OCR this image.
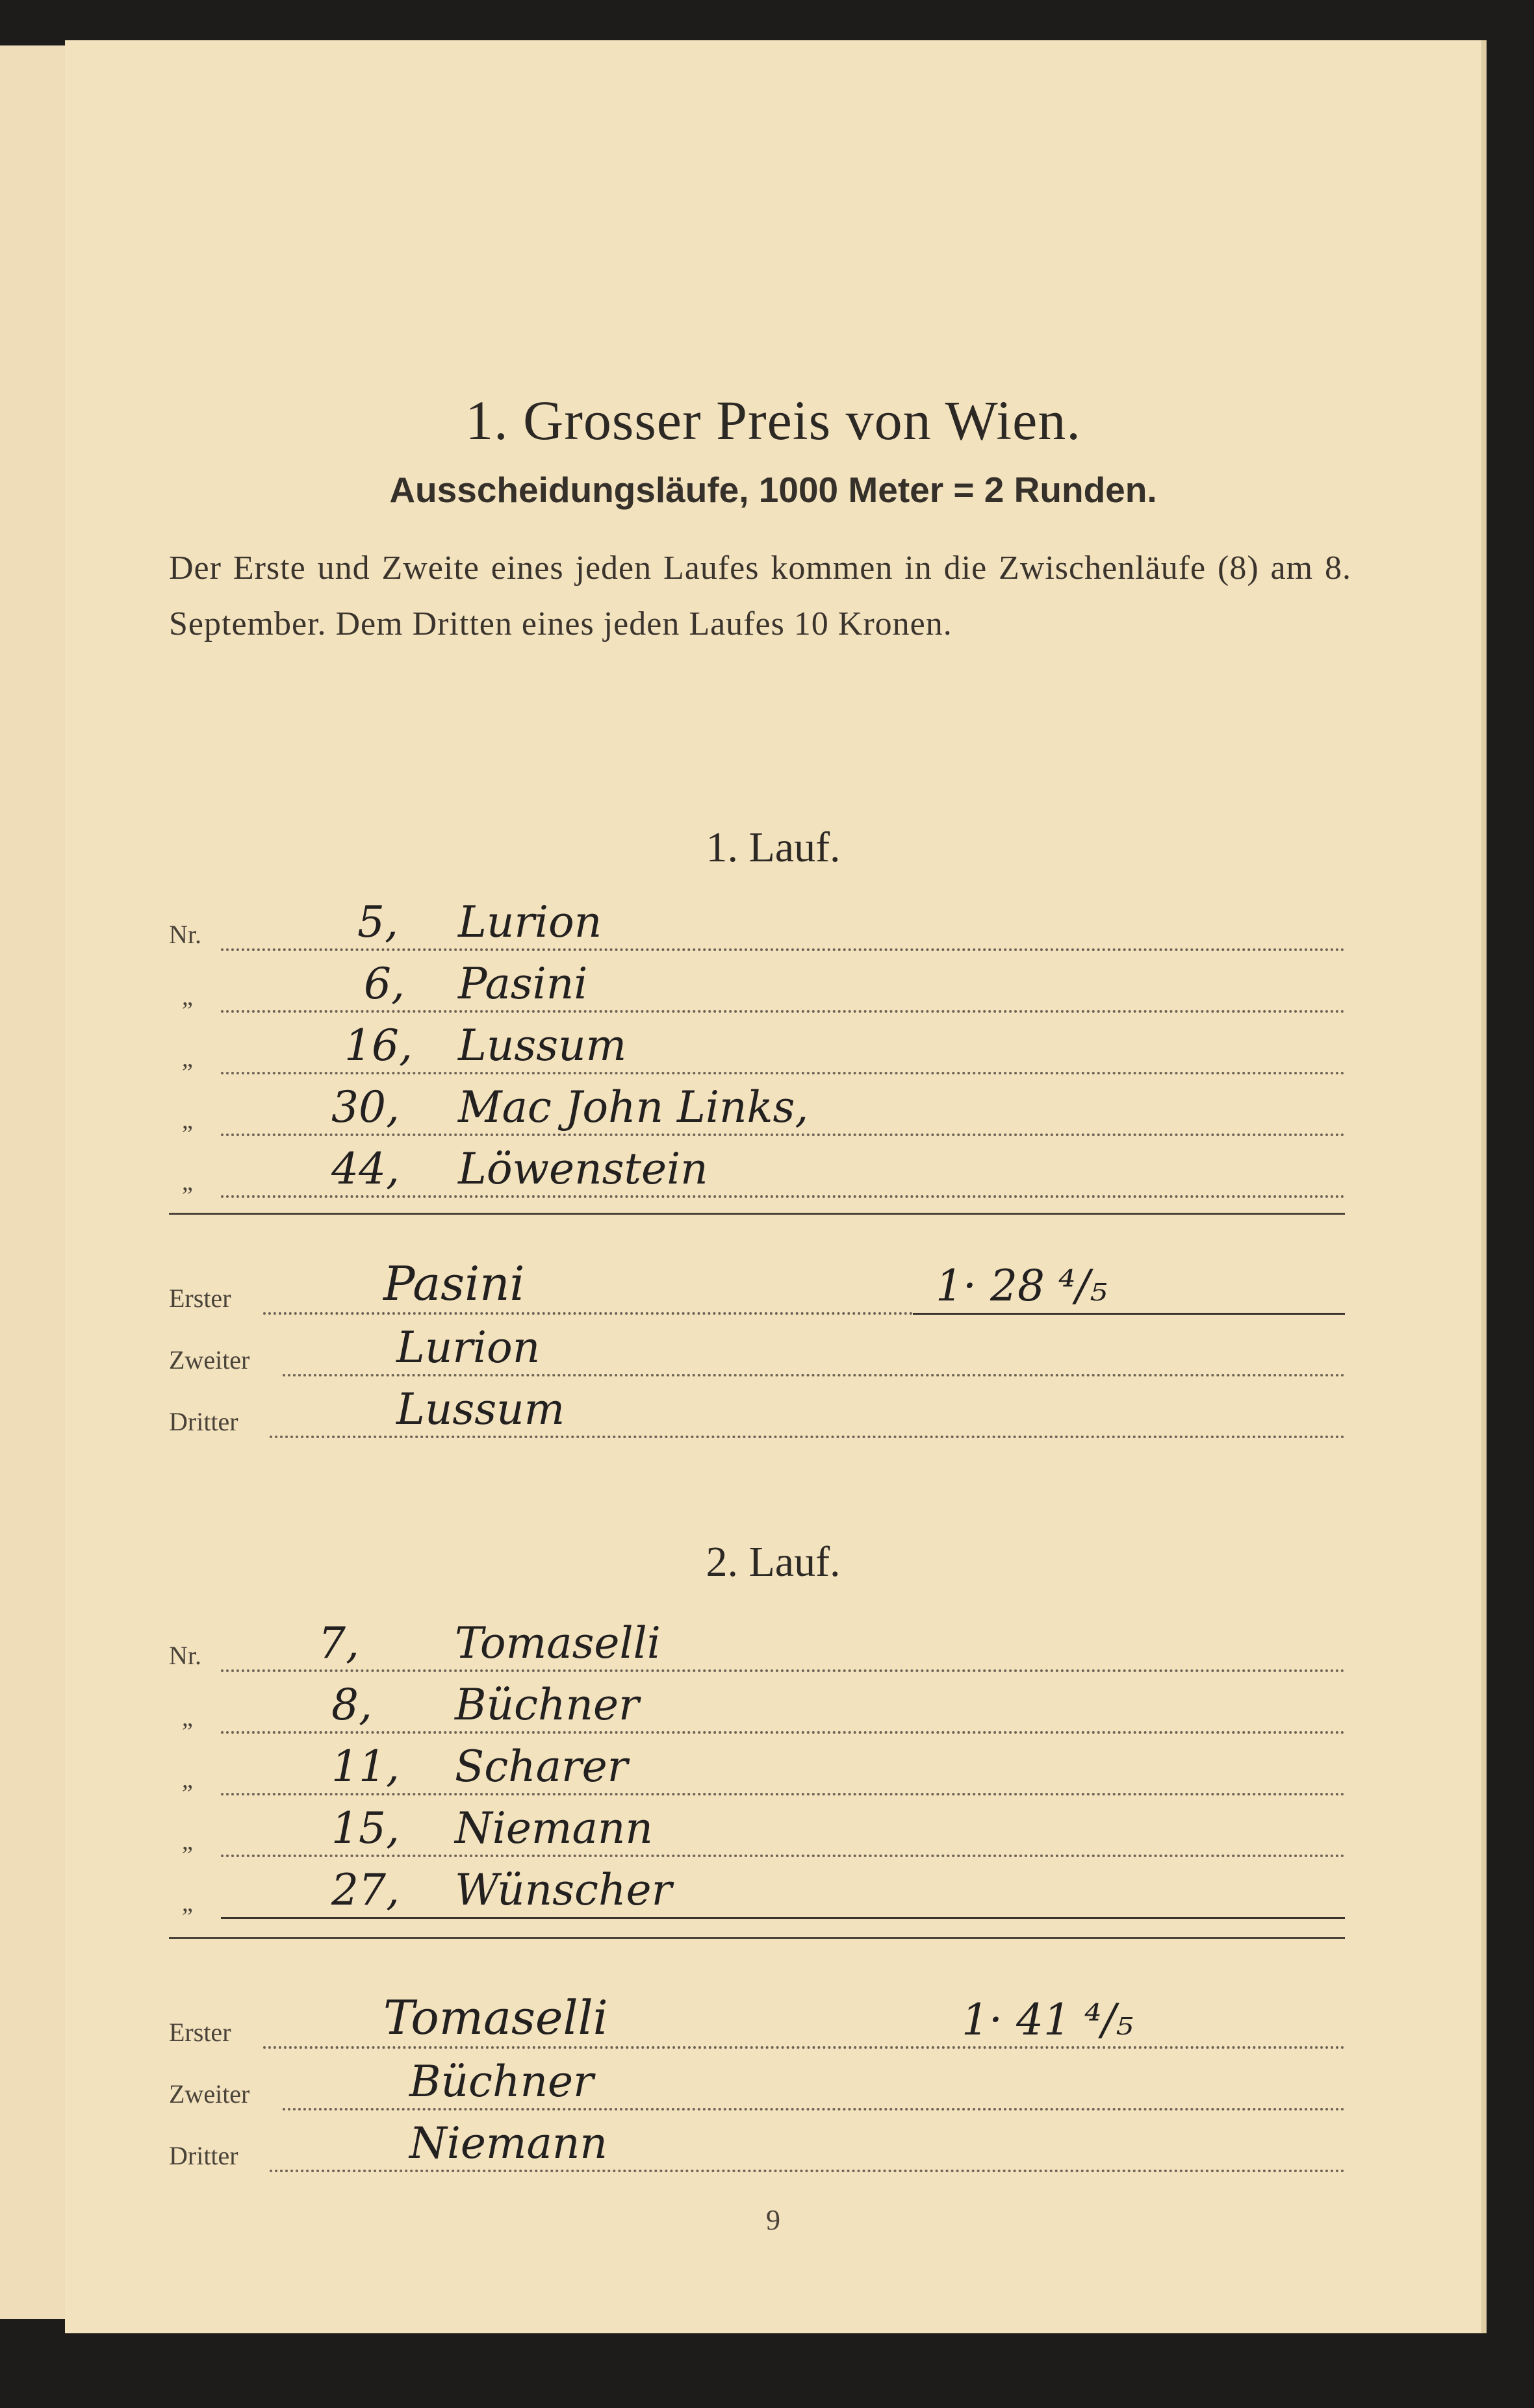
1. Grosser Preis von Wien.
Ausscheidungsläufe, 1000 Meter = 2 Runden.
Der Erste und Zweite eines jeden Laufes kommen in die Zwischenläufe (8) am 8. September. Dem Dritten eines jeden Laufes 10 Kronen.
1. Lauf.
Nr.	5, Lurion
„	6, Pasini
„	16, Lussum
„	30, Mac John Links,
„	44, Löwenstein
Erster	Pasini	1· 28 ⁴/₅
Zweiter	Lurion
Dritter	Lussum
2. Lauf.
Nr.	7, Tomaselli
„	8, Büchner
„	11, Scharer
„	15, Niemann
„	27, Wünscher
Erster	Tomaselli	1· 41 ⁴/₅
Zweiter	Büchner
Dritter	Niemann
9
